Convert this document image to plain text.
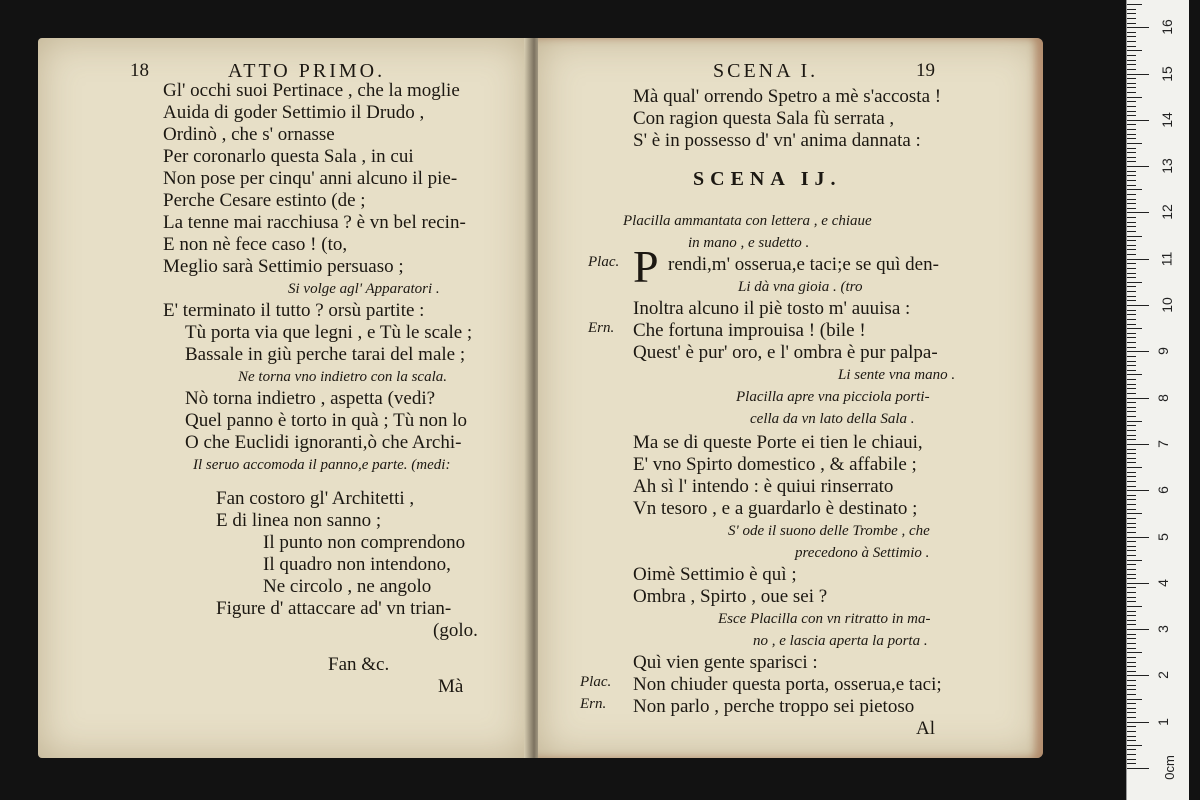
18	ATTO PRIMO.
Gl' occhi suoi Pertinace , che la moglie
Auida di goder Settimio il Drudo ,
Ordinò , che s' ornasse
Per coronarlo questa Sala , in cui
Non pose per cinqu' anni alcuno il pie-
Perche Cesare estinto (de ;
La tenne mai racchiusa ? è vn bel recin-
E non nè fece caso ! (to,
Meglio sarà Settimio persuaso ;
Si volge agl' Apparatori .
E' terminato il tutto ? orsù partite :
Tù porta via que legni , e Tù le scale ;
Bassale in giù perche tarai del male ;
Ne torna vno indietro con la scala.
Nò torna indietro , aspetta (vedi?
Quel panno è torto in quà ; Tù non lo
O che Euclidi ignoranti,ò che Archi-
Il seruo accomoda il panno,e parte. (medi:
Fan costoro gl' Architetti ,
E di linea non sanno ;
Il punto non comprendono
Il quadro non intendono,
Ne circolo , ne angolo
Figure d' attaccare ad' vn trian-
(golo.
Fan &c.
Mà
SCENA I.	19
Mà qual' orrendo Spetro a mè s'accosta !
Con ragion questa Sala fù serrata ,
S' è in possesso d' vn' anima dannata :
SCENA IJ.
Placilla ammantata con lettera , e chiaue
in mano , e sudetto .
Plac. P rendi,m' osserua,e taci;e se quì den-
Li dà vna gioia . (tro
Inoltra alcuno il piè tosto m' auuisa :
Ern. Che fortuna improuisa ! (bile !
Quest' è pur' oro, e l' ombra è pur palpa-
Li sente vna mano .
Placilla apre vna picciola porti-
cella da vn lato della Sala .
Ma se di queste Porte ei tien le chiaui,
E' vno Spirto domestico , & affabile ;
Ah sì l' intendo : è quiui rinserrato
Vn tesoro , e a guardarlo è destinato ;
S' ode il suono delle Trombe , che
precedono à Settimio .
Oimè Settimio è quì ;
Ombra , Spirto , oue sei ?
Esce Placilla con vn ritratto in ma-
no , e lascia aperta la porta .
Quì vien gente sparisci :
Plac. Non chiuder questa porta, osserua,e taci;
Ern. Non parlo , perche troppo sei pietoso
Al
0cm
1
2
3
4
5
6
7
8
9
10
11
12
13
14
15
16
